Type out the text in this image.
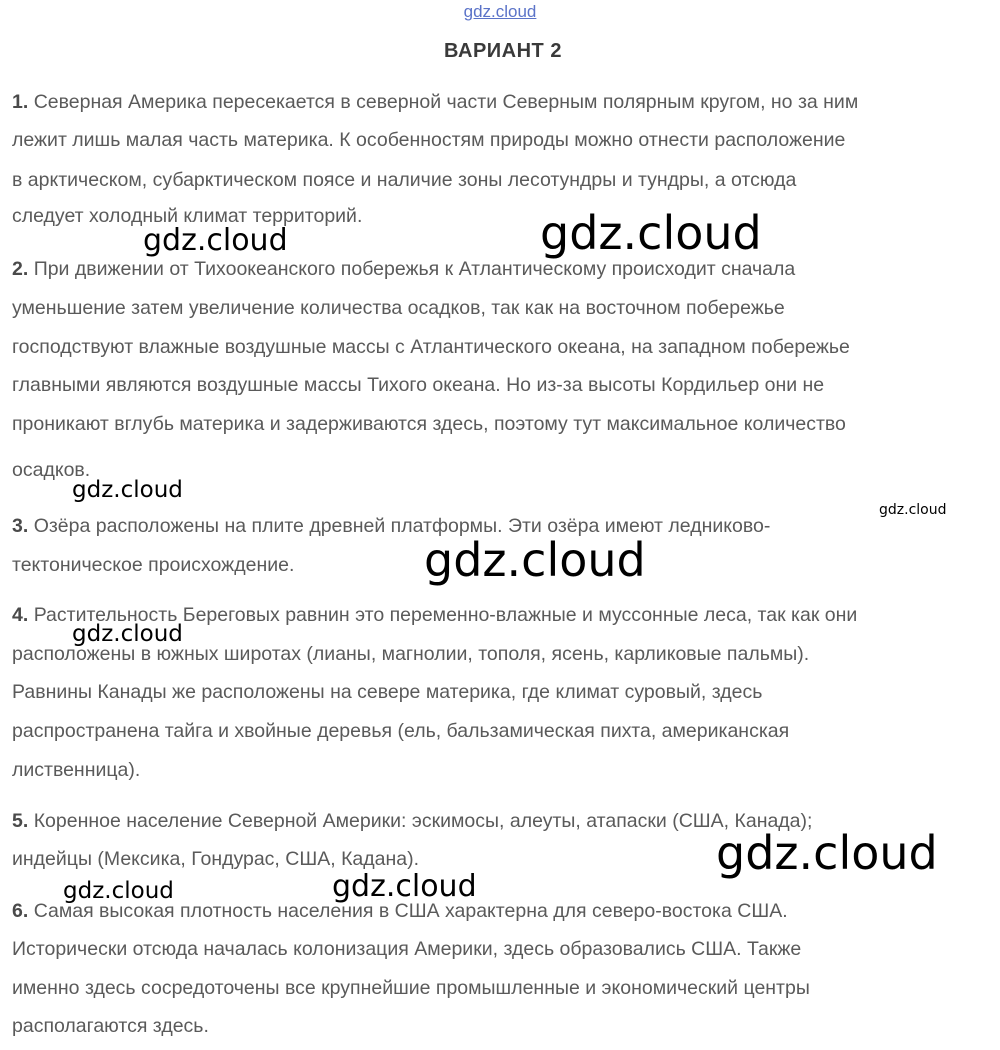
gdz.cloud
ВАРИАНТ 2
1. Северная Америка пересекается в северной части Северным полярным кругом, но за ним
лежит лишь малая часть материка. К особенностям природы можно отнести расположение
в арктическом, субарктическом поясе и наличие зоны лесотундры и тундры, а отсюда
следует холодный климат территорий.
2. При движении от Тихоокеанского побережья к Атлантическому происходит сначала
уменьшение затем увеличение количества осадков, так как на восточном побережье
господствуют влажные воздушные массы с Атлантического океана, на западном побережье
главными являются воздушные массы Тихого океана. Но из-за высоты Кордильер они не
проникают вглубь материка и задерживаются здесь, поэтому тут максимальное количество
осадков.
3. Озёра расположены на плите древней платформы. Эти озёра имеют ледниково-
тектоническое происхождение.
4. Растительность Береговых равнин это переменно-влажные и муссонные леса, так как они
расположены в южных широтах (лианы, магнолии, тополя, ясень, карликовые пальмы).
Равнины Канады же расположены на севере материка, где климат суровый, здесь
распространена тайга и хвойные деревья (ель, бальзамическая пихта, американская
лиственница).
5. Коренное население Северной Америки: эскимосы, алеуты, атапаски (США, Канада);
индейцы (Мексика, Гондурас, США, Кадана).
6. Самая высокая плотность населения в США характерна для северо-востока США.
Исторически отсюда началась колонизация Америки, здесь образовались США. Также
именно здесь сосредоточены все крупнейшие промышленные и экономический центры
располагаются здесь.
gdz.cloud	gdz.cloud
gdz.cloud
gdz.cloud
gdz.cloud
gdz.cloud
gdz.cloud
gdz.cloud	gdz.cloud
